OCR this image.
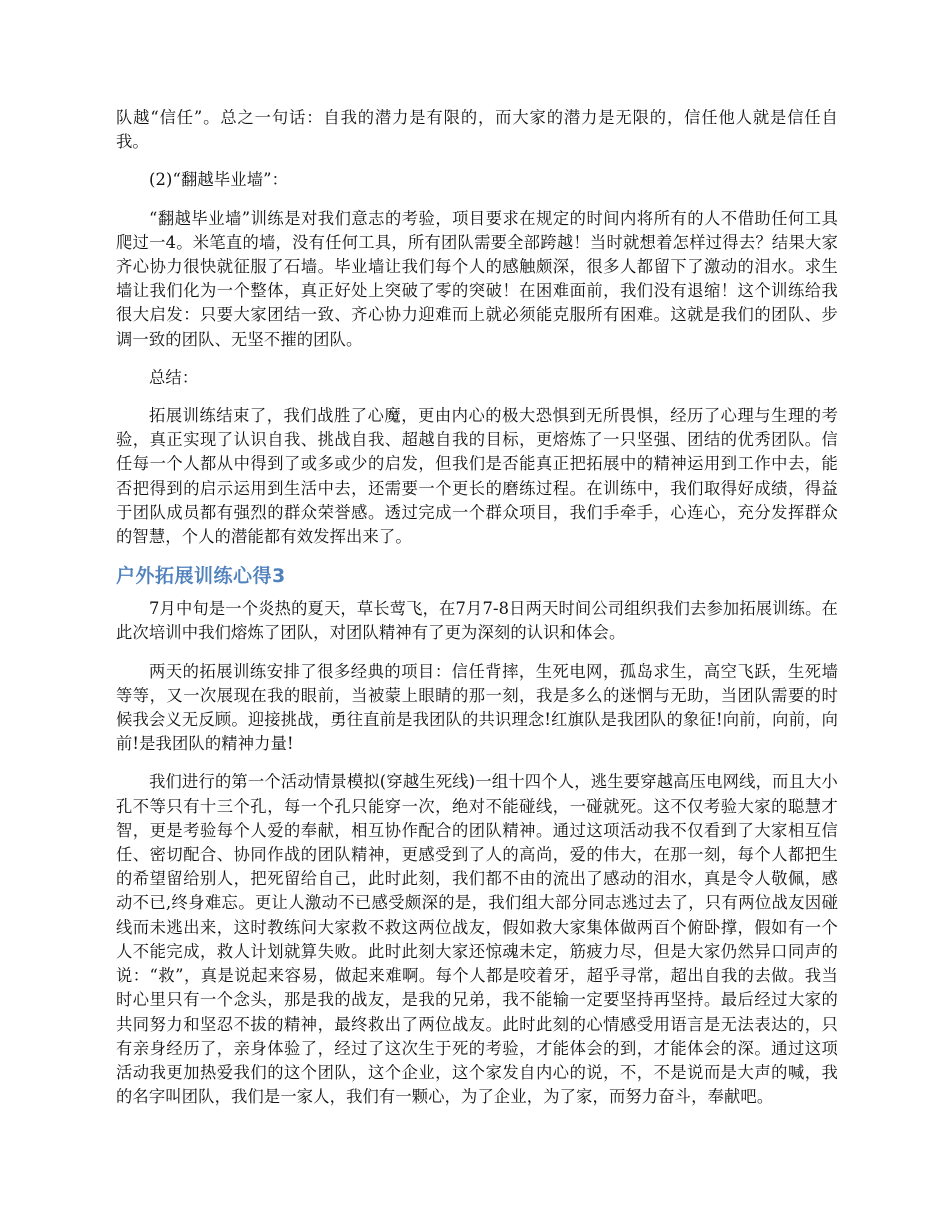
队越“信任”。总之一句话：自我的潜力是有限的，而大家的潜力是无限的，信任他人就是信任自我。

(2)“翻越毕业墙”：

“翻越毕业墙”训练是对我们意志的考验，项目要求在规定的时间内将所有的人不借助任何工具爬过一4。米笔直的墙，没有任何工具，所有团队需要全部跨越！当时就想着怎样过得去？结果大家齐心协力很快就征服了石墙。毕业墙让我们每个人的感触颇深，很多人都留下了激动的泪水。求生墙让我们化为一个整体，真正好处上突破了零的突破！在困难面前，我们没有退缩！这个训练给我很大启发：只要大家团结一致、齐心协力迎难而上就必须能克服所有困难。这就是我们的团队、步调一致的团队、无坚不摧的团队。

总结：

拓展训练结束了，我们战胜了心魔，更由内心的极大恐惧到无所畏惧，经历了心理与生理的考验，真正实现了认识自我、挑战自我、超越自我的目标，更熔炼了一只坚强、团结的优秀团队。信任每一个人都从中得到了或多或少的启发，但我们是否能真正把拓展中的精神运用到工作中去，能否把得到的启示运用到生活中去，还需要一个更长的磨练过程。在训练中，我们取得好成绩，得益于团队成员都有强烈的群众荣誉感。透过完成一个群众项目，我们手牵手，心连心，充分发挥群众的智慧，个人的潜能都有效发挥出来了。

户外拓展训练心得3

7月中旬是一个炎热的夏天，草长莺飞，在7月7-8日两天时间公司组织我们去参加拓展训练。在此次培训中我们熔炼了团队，对团队精神有了更为深刻的认识和体会。

两天的拓展训练安排了很多经典的项目：信任背摔，生死电网，孤岛求生，高空飞跃，生死墙等等，又一次展现在我的眼前，当被蒙上眼睛的那一刻，我是多么的迷惘与无助，当团队需要的时候我会义无反顾。迎接挑战，勇往直前是我团队的共识理念!红旗队是我团队的象征!向前，向前，向前!是我团队的精神力量!

我们进行的第一个活动情景模拟(穿越生死线)一组十四个人，逃生要穿越高压电网线，而且大小孔不等只有十三个孔，每一个孔只能穿一次，绝对不能碰线，一碰就死。这不仅考验大家的聪慧才智，更是考验每个人爱的奉献，相互协作配合的团队精神。通过这项活动我不仅看到了大家相互信任、密切配合、协同作战的团队精神，更感受到了人的高尚，爱的伟大，在那一刻，每个人都把生的希望留给别人，把死留给自己，此时此刻，我们都不由的流出了感动的泪水，真是令人敬佩，感动不已,终身难忘。更让人激动不已感受颇深的是，我们组大部分同志逃过去了，只有两位战友因碰线而未逃出来，这时教练问大家救不救这两位战友，假如救大家集体做两百个俯卧撑，假如有一个人不能完成，救人计划就算失败。此时此刻大家还惊魂未定，筋疲力尽，但是大家仍然异口同声的说：“救”，真是说起来容易，做起来难啊。每个人都是咬着牙，超乎寻常，超出自我的去做。我当时心里只有一个念头，那是我的战友，是我的兄弟，我不能输一定要坚持再坚持。最后经过大家的共同努力和坚忍不拔的精神，最终救出了两位战友。此时此刻的心情感受用语言是无法表达的，只有亲身经历了，亲身体验了，经过了这次生于死的考验，才能体会的到，才能体会的深。通过这项活动我更加热爱我们的这个团队，这个企业，这个家发自内心的说，不，不是说而是大声的喊，我的名字叫团队，我们是一家人，我们有一颗心，为了企业，为了家，而努力奋斗，奉献吧。
